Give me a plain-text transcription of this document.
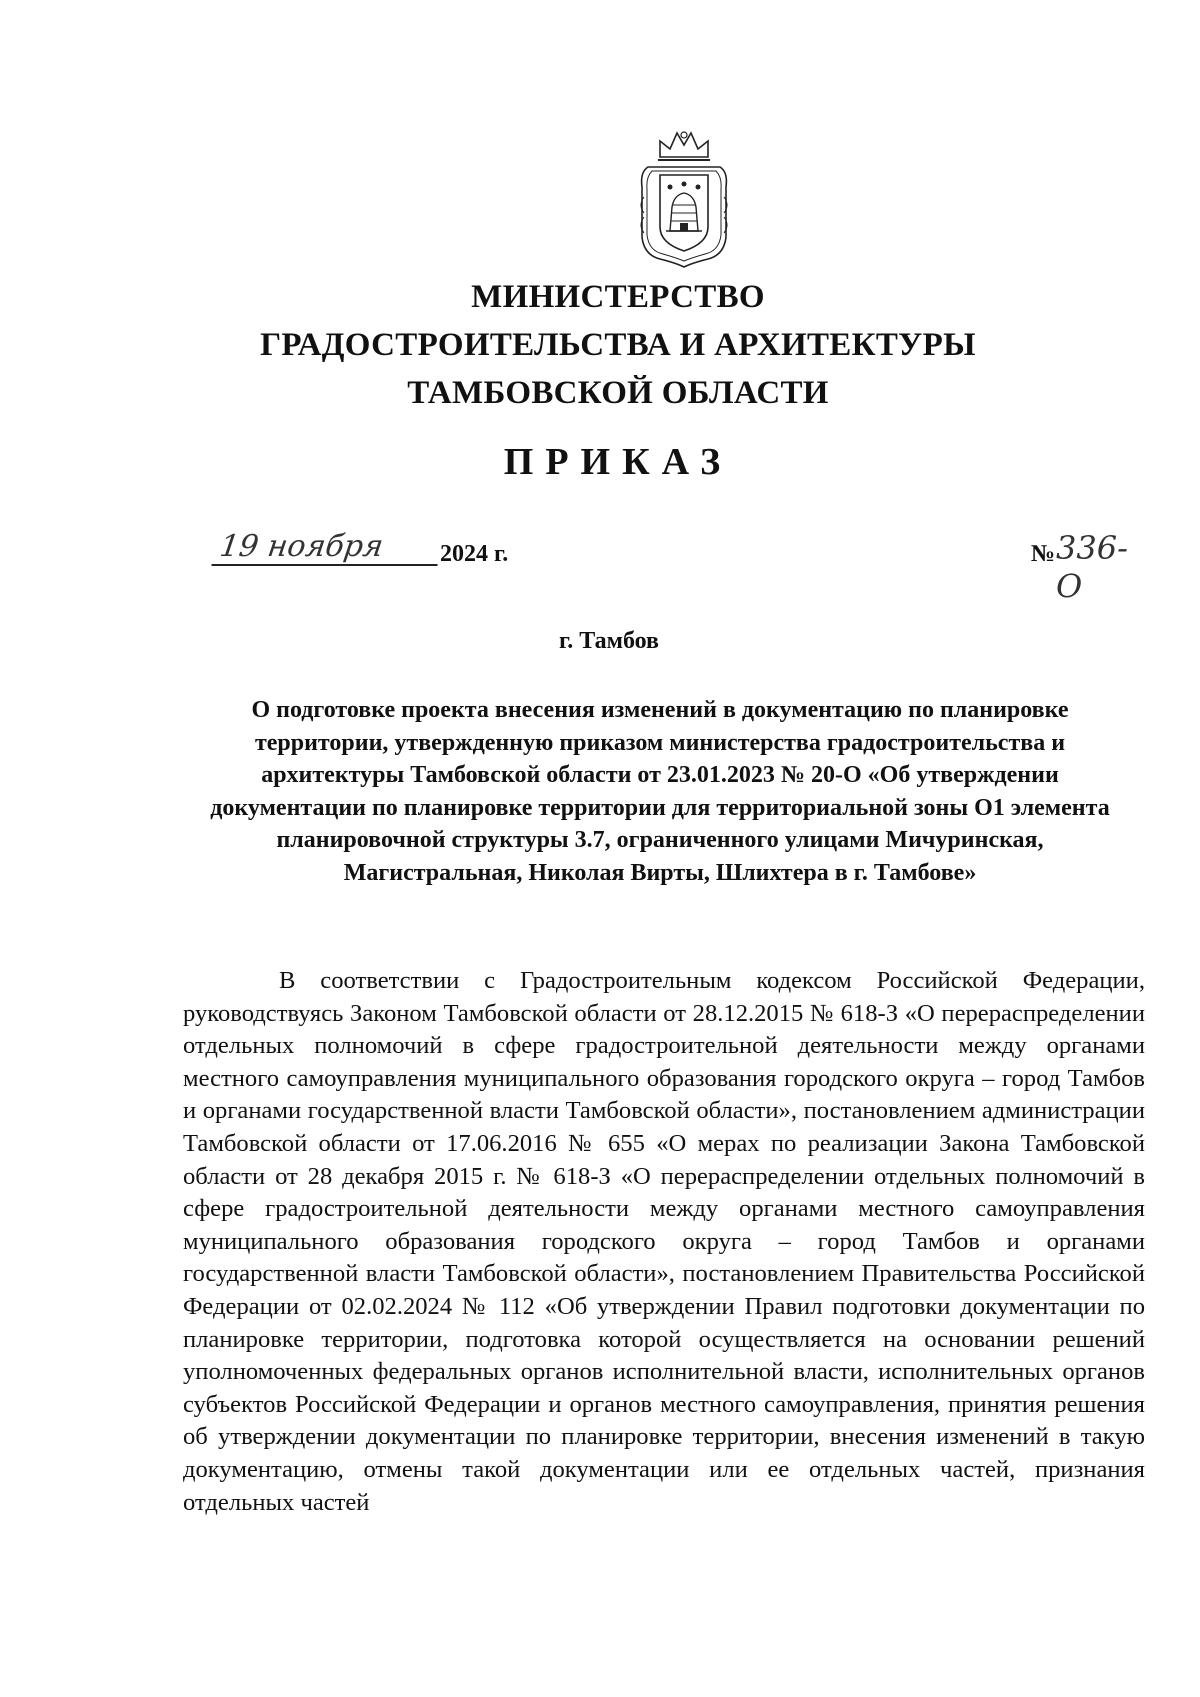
МИНИСТЕРСТВО
ГРАДОСТРОИТЕЛЬСТВА И АРХИТЕКТУРЫ
ТАМБОВСКОЙ ОБЛАСТИ
ПРИКАЗ
19 ноября	2024 г.	№ 336-О
г. Тамбов
О подготовке проекта внесения изменений в документацию по планировке территории, утвержденную приказом министерства градостроительства и архитектуры Тамбовской области от 23.01.2023 № 20-О «Об утверждении документации по планировке территории для территориальной зоны О1 элемента планировочной структуры 3.7, ограниченного улицами Мичуринская, Магистральная, Николая Вирты, Шлихтера в г. Тамбове»

В соответствии с Градостроительным кодексом Российской Федерации, руководствуясь Законом Тамбовской области от 28.12.2015 № 618-З «О перераспределении отдельных полномочий в сфере градостроительной деятельности между органами местного самоуправления муниципального образования городского округа – город Тамбов и органами государственной власти Тамбовской области», постановлением администрации Тамбовской области от 17.06.2016 № 655 «О мерах по реализации Закона Тамбовской области от 28 декабря 2015 г. № 618-З «О перераспределении отдельных полномочий в сфере градостроительной деятельности между органами местного самоуправления муниципального образования городского округа – город Тамбов и органами государственной власти Тамбовской области», постановлением Правительства Российской Федерации от 02.02.2024 № 112 «Об утверждении Правил подготовки документации по планировке территории, подготовка которой осуществляется на основании решений уполномоченных федеральных органов исполнительной власти, исполнительных органов субъектов Российской Федерации и органов местного самоуправления, принятия решения об утверждении документации по планировке территории, внесения изменений в такую документацию, отмены такой документации или ее отдельных частей, признания отдельных частей
